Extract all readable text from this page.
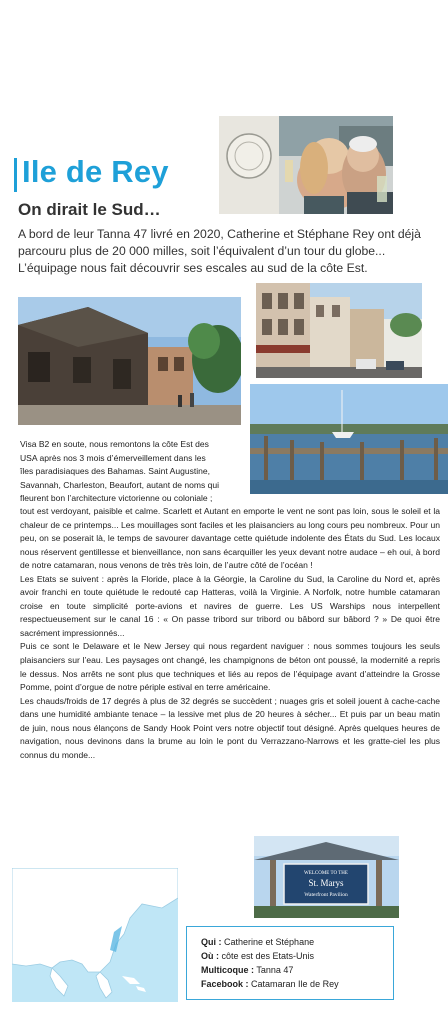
Ile de Rey
On dirait le Sud…
A bord de leur Tanna 47 livré en 2020, Catherine et Stéphane Rey ont déjà parcouru plus de 20 000 milles, soit l’équivalent d’un tour du globe... L’équipage nous fait découvrir ses escales au sud de la côte Est.

Visa B2 en soute, nous remontons la côte Est des

USA après nos 3 mois d’émerveillement dans les

îles paradisiaques des Bahamas. Saint Augustine,

Savannah, Charleston, Beaufort, autant de noms qui

fleurent bon l’architecture victorienne ou coloniale ;

tout est verdoyant, paisible et calme. Scarlett et Autant en emporte le vent ne sont pas loin, sous le soleil et la chaleur de ce printemps... Les mouillages sont faciles et les plaisanciers au long cours peu nombreux. Pour un peu, on se poserait là, le temps de savourer davantage cette quiétude indolente des États du Sud. Les locaux nous réservent gentillesse et bienveillance, non sans écarquiller les yeux devant notre audace – eh oui, à bord de notre catamaran, nous venons de très très loin, de l’autre côté de l’océan !

Les Etats se suivent : après la Floride, place à la Géorgie, la Caroline du Sud, la Caroline du Nord et, après avoir franchi en toute quiétude le redouté cap Hatteras, voilà la Virginie. A Norfolk, notre humble catamaran croise en toute simplicité porte-avions et navires de guerre. Les US Warships nous interpellent respectueusement sur le canal 16 : « On passe tribord sur tribord ou bâbord sur bâbord ? » De quoi être sacrément impressionnés...

Puis ce sont le Delaware et le New Jersey qui nous regardent naviguer : nous sommes toujours les seuls plaisanciers sur l’eau. Les paysages ont changé, les champignons de béton ont poussé, la modernité a repris le dessus. Nos arrêts ne sont plus que techniques et liés au repos de l’équipage avant d’atteindre la Grosse Pomme, point d’orgue de notre périple estival en terre américaine.

Les chauds/froids de 17 degrés à plus de 32 degrés se succèdent ; nuages gris et soleil jouent à cache-cache dans une humidité ambiante tenace – la lessive met plus de 20 heures à sécher... Et puis par un beau matin de juin, nous nous élançons de Sandy Hook Point vers notre objectif tout désigné. Après quelques heures de navigation, nous devinons dans la brume au loin le pont du Verrazzano-Narrows et les gratte-ciel les plus connus du monde...

WELCOME TO THE
St. Marys
Waterfront Pavilion
Qui : Catherine et Stéphane
Où : côte est des Etats-Unis
Multicoque : Tanna 47
Facebook : Catamaran Ile de Rey
